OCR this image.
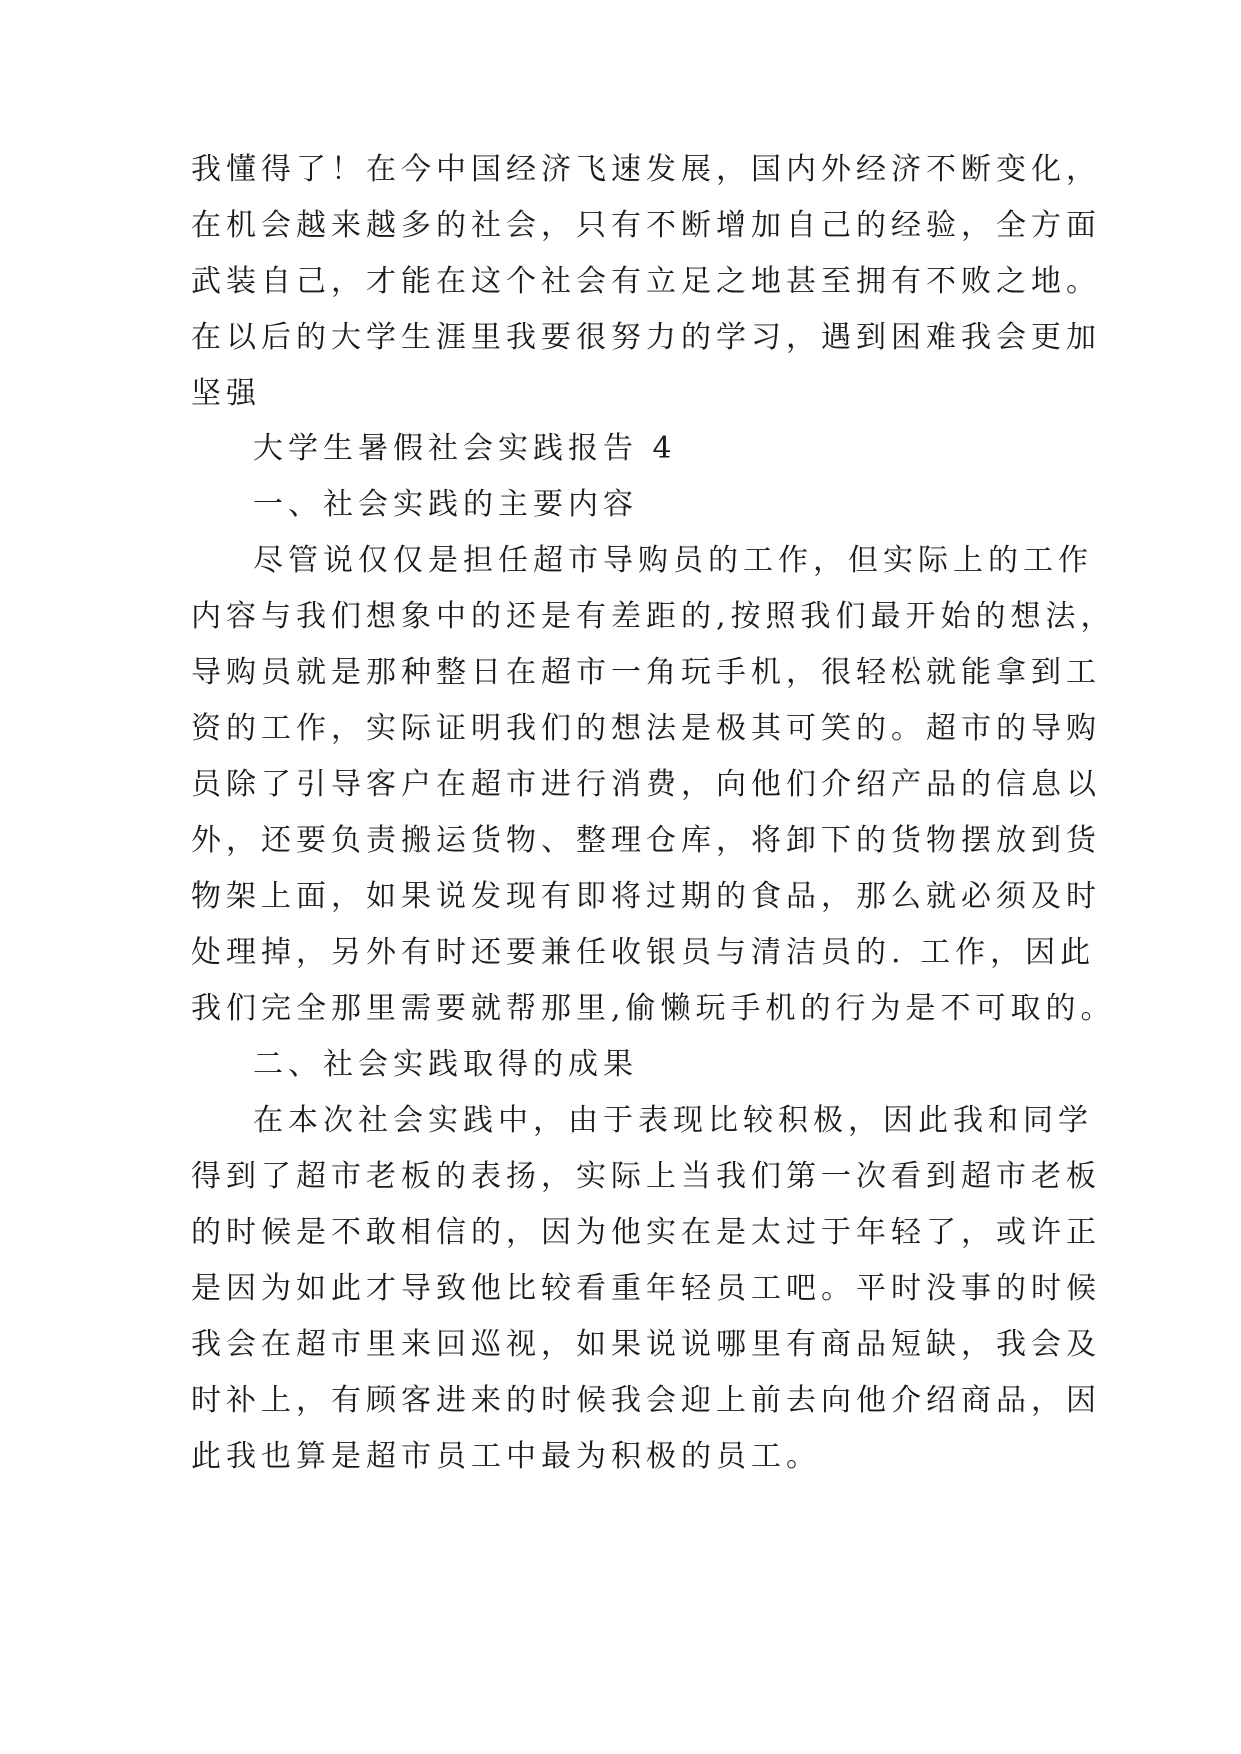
我懂得了！在今中国经济飞速发展，国内外经济不断变化，
在机会越来越多的社会，只有不断增加自己的经验，全方面
武装自己，才能在这个社会有立足之地甚至拥有不败之地。
在以后的大学生涯里我要很努力的学习，遇到困难我会更加
坚强
大学生暑假社会实践报告 4
一、社会实践的主要内容
尽管说仅仅是担任超市导购员的工作，但实际上的工作
内容与我们想象中的还是有差距的,按照我们最开始的想法，
导购员就是那种整日在超市一角玩手机，很轻松就能拿到工
资的工作，实际证明我们的想法是极其可笑的。超市的导购
员除了引导客户在超市进行消费，向他们介绍产品的信息以
外，还要负责搬运货物、整理仓库，将卸下的货物摆放到货
物架上面，如果说发现有即将过期的食品，那么就必须及时
处理掉，另外有时还要兼任收银员与清洁员的. 工作，因此
我们完全那里需要就帮那里,偷懒玩手机的行为是不可取的。
二、社会实践取得的成果
在本次社会实践中，由于表现比较积极，因此我和同学
得到了超市老板的表扬，实际上当我们第一次看到超市老板
的时候是不敢相信的，因为他实在是太过于年轻了，或许正
是因为如此才导致他比较看重年轻员工吧。平时没事的时候
我会在超市里来回巡视，如果说说哪里有商品短缺，我会及
时补上，有顾客进来的时候我会迎上前去向他介绍商品，因
此我也算是超市员工中最为积极的员工。
